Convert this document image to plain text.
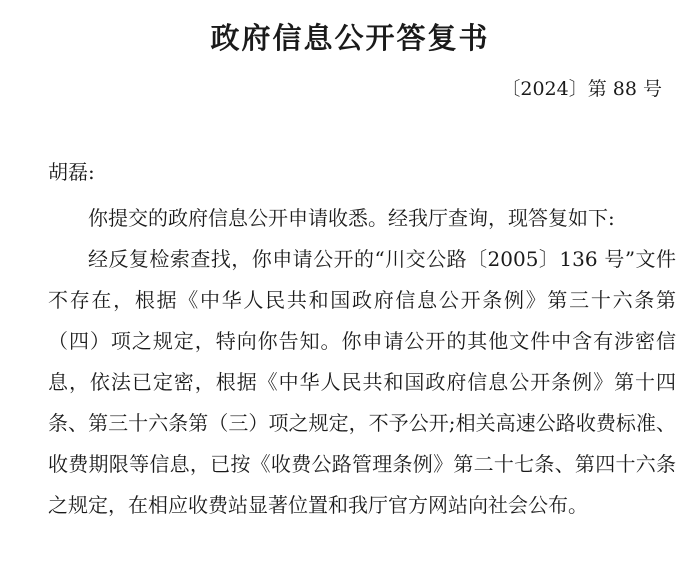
政府信息公开答复书
〔2024〕第 88 号
胡磊:

你提交的政府信息公开申请收悉。经我厅查询，现答复如下:

经反复检索查找，你申请公开的“川交公路〔2005〕136 号”文件不存在，根据《中华人民共和国政府信息公开条例》第三十六条第（四）项之规定，特向你告知。你申请公开的其他文件中含有涉密信息，依法已定密，根据《中华人民共和国政府信息公开条例》第十四条、第三十六条第（三）项之规定，不予公开;相关高速公路收费标准、收费期限等信息，已按《收费公路管理条例》第二十七条、第四十六条之规定，在相应收费站显著位置和我厅官方网站向社会公布。
